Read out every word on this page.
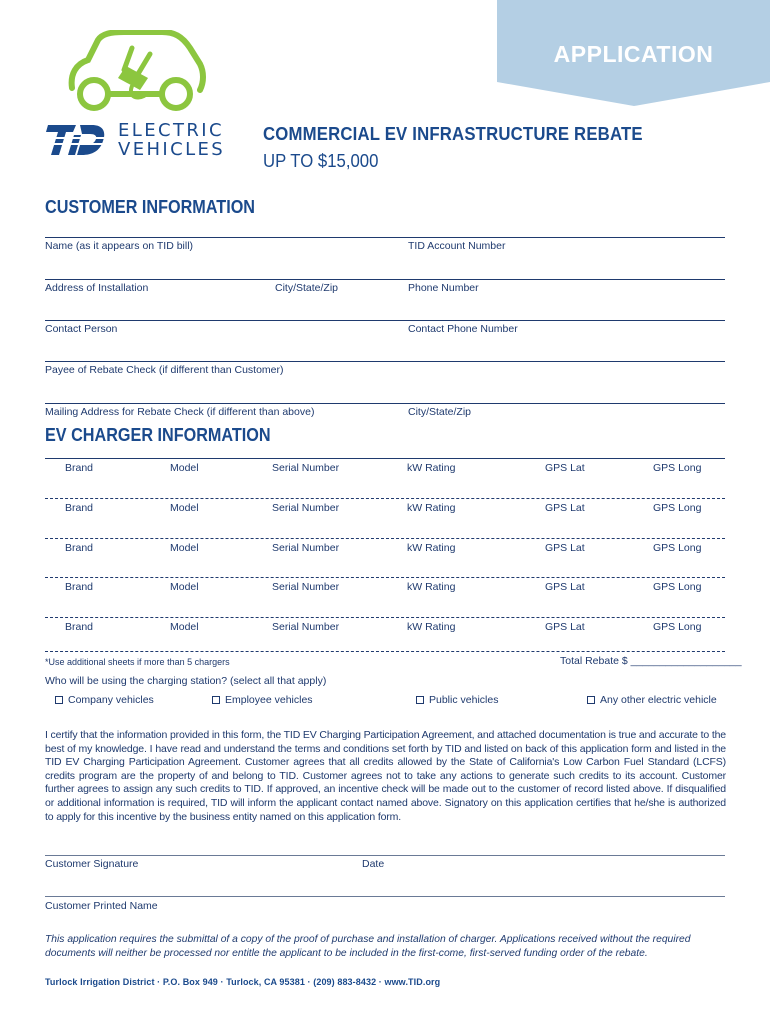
APPLICATION
ELECTRIC
VEHICLES
COMMERCIAL EV INFRASTRUCTURE REBATE
UP TO $15,000
CUSTOMER INFORMATION
Name (as it appears on TID bill)	TID Account Number
Address of Installation	City/State/Zip	Phone Number
Contact Person	Contact Phone Number
Payee of Rebate Check (if different than Customer)
Mailing Address for Rebate Check (if different than above)	City/State/Zip
EV CHARGER INFORMATION
Brand	Model	Serial Number	kW Rating	GPS Lat	GPS Long
Brand	Model	Serial Number	kW Rating	GPS Lat	GPS Long
Brand	Model	Serial Number	kW Rating	GPS Lat	GPS Long
Brand	Model	Serial Number	kW Rating	GPS Lat	GPS Long
Brand	Model	Serial Number	kW Rating	GPS Lat	GPS Long
*Use additional sheets if more than 5 chargers	Total Rebate $ ___________________
Who will be using the charging station? (select all that apply)
Company vehicles	Employee vehicles	Public vehicles	Any other electric vehicle
I certify that the information provided in this form, the TID EV Charging Participation Agreement, and attached documentation is true and accurate to the best of my knowledge. I have read and understand the terms and conditions set forth by TID and listed on back of this application form and listed in the TID EV Charging Participation Agreement. Customer agrees that all credits allowed by the State of California's Low Carbon Fuel Standard (LCFS) credits program are the property of and belong to TID. Customer agrees not to take any actions to generate such credits to its account. Customer further agrees to assign any such credits to TID. If approved, an incentive check will be made out to the customer of record listed above. If disqualified or additional information is required, TID will inform the applicant contact named above. Signatory on this application certifies that he/she is authorized to apply for this incentive by the business entity named on this application form.
Customer Signature	Date
Customer Printed Name
This application requires the submittal of a copy of the proof of purchase and installation of charger. Applications received without the required documents will neither be processed nor entitle the applicant to be included in the first-come, first-served funding order of the rebate.
Turlock Irrigation District · P.O. Box 949 · Turlock, CA 95381 · (209) 883-8432 · www.TID.org
